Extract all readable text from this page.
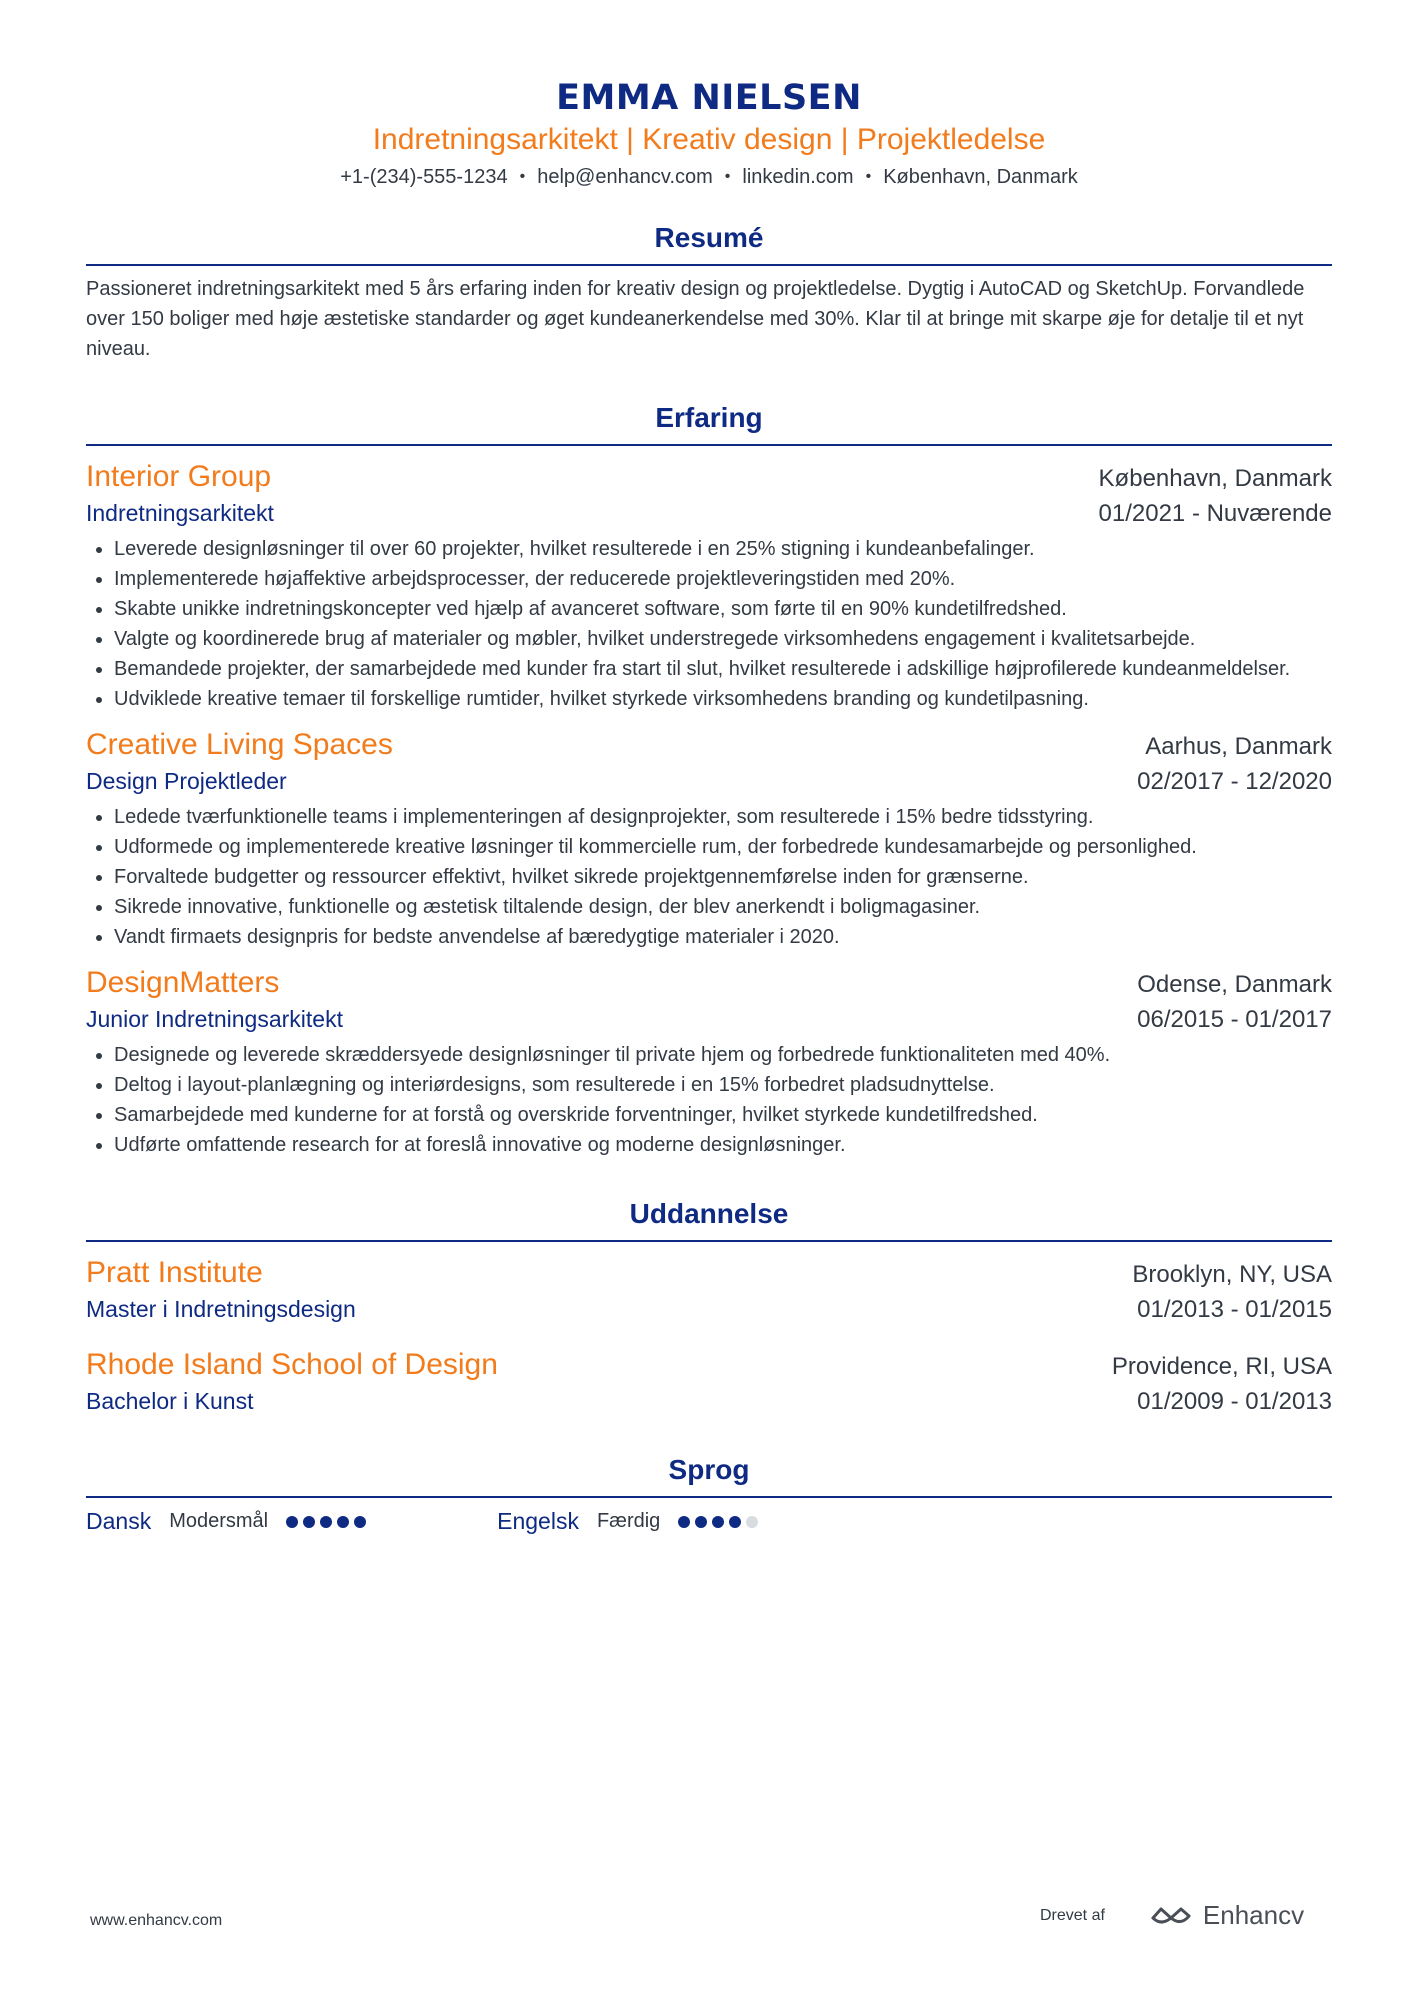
EMMA NIELSEN
Indretningsarkitekt | Kreativ design | Projektledelse
+1-(234)-555-1234 • help@enhancv.com • linkedin.com • København, Danmark
Resumé
Passioneret indretningsarkitekt med 5 års erfaring inden for kreativ design og projektledelse. Dygtig i AutoCAD og SketchUp. Forvandlede over 150 boliger med høje æstetiske standarder og øget kundeanerkendelse med 30%. Klar til at bringe mit skarpe øje for detalje til et nyt niveau.
Erfaring
Interior Group	København, Danmark
Indretningsarkitekt	01/2021 - Nuværende
Leverede designløsninger til over 60 projekter, hvilket resulterede i en 25% stigning i kundeanbefalinger.
Implementerede højaffektive arbejdsprocesser, der reducerede projektleveringstiden med 20%.
Skabte unikke indretningskoncepter ved hjælp af avanceret software, som førte til en 90% kundetilfredshed.
Valgte og koordinerede brug af materialer og møbler, hvilket understregede virksomhedens engagement i kvalitetsarbejde.
Bemandede projekter, der samarbejdede med kunder fra start til slut, hvilket resulterede i adskillige højprofilerede kundeanmeldelser.
Udviklede kreative temaer til forskellige rumtider, hvilket styrkede virksomhedens branding og kundetilpasning.
Creative Living Spaces	Aarhus, Danmark
Design Projektleder	02/2017 - 12/2020
Ledede tværfunktionelle teams i implementeringen af designprojekter, som resulterede i 15% bedre tidsstyring.
Udformede og implementerede kreative løsninger til kommercielle rum, der forbedrede kundesamarbejde og personlighed.
Forvaltede budgetter og ressourcer effektivt, hvilket sikrede projektgennemførelse inden for grænserne.
Sikrede innovative, funktionelle og æstetisk tiltalende design, der blev anerkendt i boligmagasiner.
Vandt firmaets designpris for bedste anvendelse af bæredygtige materialer i 2020.
DesignMatters	Odense, Danmark
Junior Indretningsarkitekt	06/2015 - 01/2017
Designede og leverede skræddersyede designløsninger til private hjem og forbedrede funktionaliteten med 40%.
Deltog i layout-planlægning og interiørdesigns, som resulterede i en 15% forbedret pladsudnyttelse.
Samarbejdede med kunderne for at forstå og overskride forventninger, hvilket styrkede kundetilfredshed.
Udførte omfattende research for at foreslå innovative og moderne designløsninger.
Uddannelse
Pratt Institute	Brooklyn, NY, USA
Master i Indretningsdesign	01/2013 - 01/2015
Rhode Island School of Design	Providence, RI, USA
Bachelor i Kunst	01/2009 - 01/2013
Sprog
Dansk Modersmål	Engelsk Færdig
www.enhancv.com	Drevet af	Enhancv
